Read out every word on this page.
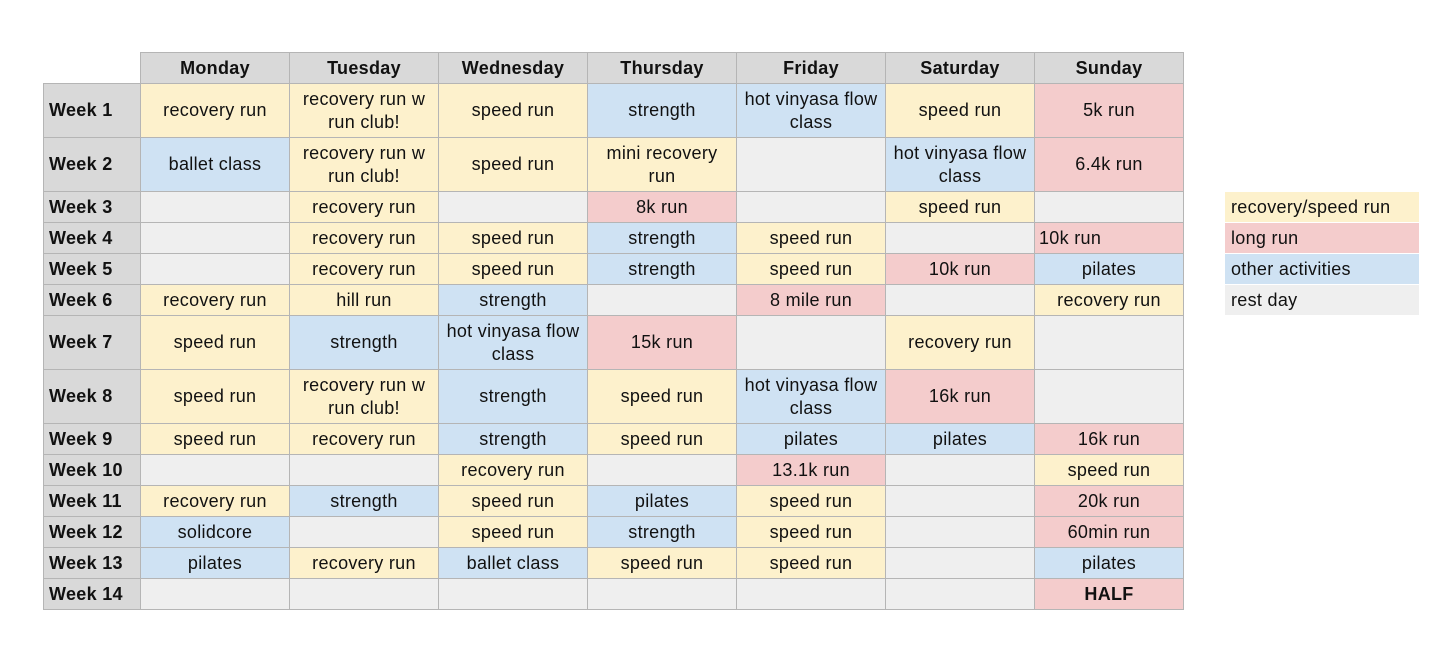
	Monday	Tuesday	Wednesday	Thursday	Friday	Saturday	Sunday
Week 1	recovery run	recovery run w run club!	speed run	strength	hot vinyasa flow class	speed run	5k run
Week 2	ballet class	recovery run w run club!	speed run	mini recovery run		hot vinyasa flow class	6.4k run
Week 3		recovery run		8k run		speed run	
Week 4		recovery run	speed run	strength	speed run		10k run
Week 5		recovery run	speed run	strength	speed run	10k run	pilates
Week 6	recovery run	hill run	strength		8 mile run		recovery run
Week 7	speed run	strength	hot vinyasa flow class	15k run		recovery run	
Week 8	speed run	recovery run w run club!	strength	speed run	hot vinyasa flow class	16k run	
Week 9	speed run	recovery run	strength	speed run	pilates	pilates	16k run
Week 10			recovery run		13.1k run		speed run
Week 11	recovery run	strength	speed run	pilates	speed run		20k run
Week 12	solidcore		speed run	strength	speed run		60min run
Week 13	pilates	recovery run	ballet class	speed run	speed run		pilates
Week 14							HALF
recovery/speed run
long run
other activities
rest day
